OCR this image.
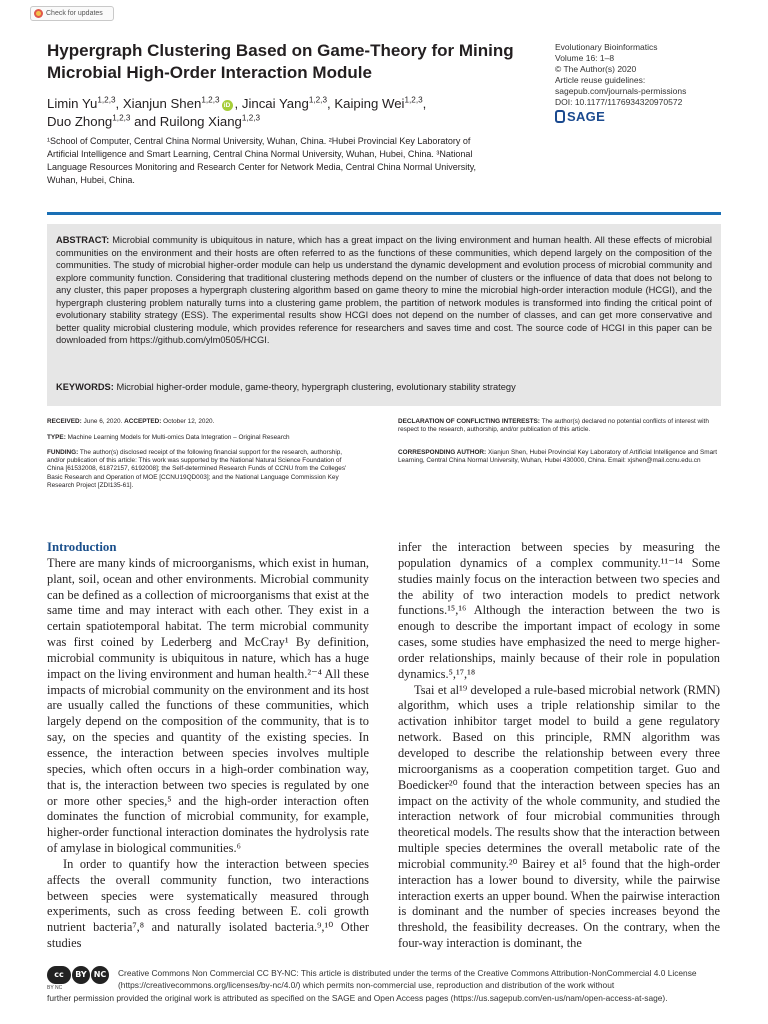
Check for updates
Hypergraph Clustering Based on Game-Theory for Mining Microbial High-Order Interaction Module
Limin Yu$^{1,2,3}$, Xianjun Shen$^{1,2,3}$iD , Jincai Yang$^{1,2,3}$, Kaiping Wei$^{1,2,3}$,
Duo Zhong$^{1,2,3}$ and Ruilong Xiang$^{1,2,3}$
¹School of Computer, Central China Normal University, Wuhan, China. ²Hubei Provincial Key Laboratory of Artificial Intelligence and Smart Learning, Central China Normal University, Wuhan, Hubei, China. ³National Language Resources Monitoring and Research Center for Network Media, Central China Normal University, Wuhan, Hubei, China.
Evolutionary Bioinformatics
Volume 16: 1–8
© The Author(s) 2020
Article reuse guidelines:
sagepub.com/journals-permissions
DOI: 10.1177/1176934320970572
SAGE

ABSTRACT: Microbial community is ubiquitous in nature, which has a great impact on the living environment and human health. All these effects of microbial communities on the environment and their hosts are often referred to as the functions of these communities, which depend largely on the composition of the communities. The study of microbial higher-order module can help us understand the dynamic development and evolution process of microbial community and explore community function. Considering that traditional clustering methods depend on the number of clusters or the influence of data that does not belong to any cluster, this paper proposes a hypergraph clustering algorithm based on game theory to mine the microbial high-order interaction module (HCGI), and the hypergraph clustering problem naturally turns into a clustering game problem, the partition of network modules is transformed into finding the critical point of evolutionary stability strategy (ESS). The experimental results show HCGI does not depend on the number of classes, and can get more conservative and better quality microbial clustering module, which provides reference for researchers and saves time and cost. The source code of HCGI in this paper can be downloaded from https://github.com/ylm0505/HCGI.

KEYWORDS: Microbial higher-order module, game-theory, hypergraph clustering, evolutionary stability strategy

RECEIVED: June 6, 2020. ACCEPTED: October 12, 2020.

TYPE: Machine Learning Models for Multi-omics Data Integration – Original Research

FUNDING: The author(s) disclosed receipt of the following financial support for the research, authorship, and/or publication of this article: This work was supported by the National Natural Science Foundation of China [61532008, 61872157, 6192008]; the Self-determined Research Funds of CCNU from the Colleges' Basic Research and Operation of MOE [CCNU19QD003]; and the National Language Commission Key Research Project [ZDI135-61].

DECLARATION OF CONFLICTING INTERESTS: The author(s) declared no potential conflicts of interest with respect to the research, authorship, and/or publication of this article.

CORRESPONDING AUTHOR: Xianjun Shen, Hubei Provincial Key Laboratory of Artificial Intelligence and Smart Learning, Central China Normal University, Wuhan, Hubei 430000, China. Email: xjshen@mail.ccnu.edu.cn

Introduction

There are many kinds of microorganisms, which exist in human, plant, soil, ocean and other environments. Microbial community can be defined as a collection of microorganisms that exist at the same time and may interact with each other. They exist in a certain spatiotemporal habitat. The term microbial community was first coined by Lederberg and McCray¹ By definition, microbial community is ubiquitous in nature, which has a huge impact on the living environment and human health.²⁻⁴ All these impacts of microbial community on the environment and its host are usually called the functions of these communities, which largely depend on the composition of the community, that is to say, on the species and quantity of the existing species. In essence, the interaction between species involves multiple species, which often occurs in a high-order combination way, that is, the interaction between two species is regulated by one or more other species,⁵ and the high-order interaction often dominates the function of microbial community, for example, higher-order functional interaction dominates the hydrolysis rate of amylase in biological communities.⁶

In order to quantify how the interaction between species affects the overall community function, two interactions between species were systematically measured through experiments, such as cross feeding between E. coli growth nutrient bacteria⁷,⁸ and naturally isolated bacteria.⁹,¹⁰ Other studies

infer the interaction between species by measuring the population dynamics of a complex community.¹¹⁻¹⁴ Some studies mainly focus on the interaction between two species and the ability of two interaction models to predict network functions.¹⁵,¹⁶ Although the interaction between the two is enough to describe the important impact of ecology in some cases, some studies have emphasized the need to merge higher-order relationships, mainly because of their role in population dynamics.⁵,¹⁷,¹⁸

Tsai et al¹⁹ developed a rule-based microbial network (RMN) algorithm, which uses a triple relationship similar to the activation inhibitor target model to build a gene regulatory network. Based on this principle, RMN algorithm was developed to describe the relationship between every three microorganisms as a cooperation competition target. Guo and Boedicker²⁰ found that the interaction between species has an impact on the activity of the whole community, and studied the interaction network of four microbial communities through theoretical models. The results show that the interaction between multiple species determines the overall metabolic rate of the microbial community.²⁰ Bairey et al⁵ found that the high-order interaction has a lower bound to diversity, while the pairwise interaction exerts an upper bound. When the pairwise interaction is dominant and the number of species increases beyond the threshold, the feasibility decreases. On the contrary, when the four-way interaction is dominant, the

cc	BY NC
BY NC

Creative Commons Non Commercial CC BY-NC: This article is distributed under the terms of the Creative Commons Attribution-NonCommercial 4.0 License (https://creativecommons.org/licenses/by-nc/4.0/) which permits non-commercial use, reproduction and distribution of the work without

further permission provided the original work is attributed as specified on the SAGE and Open Access pages (https://us.sagepub.com/en-us/nam/open-access-at-sage).
